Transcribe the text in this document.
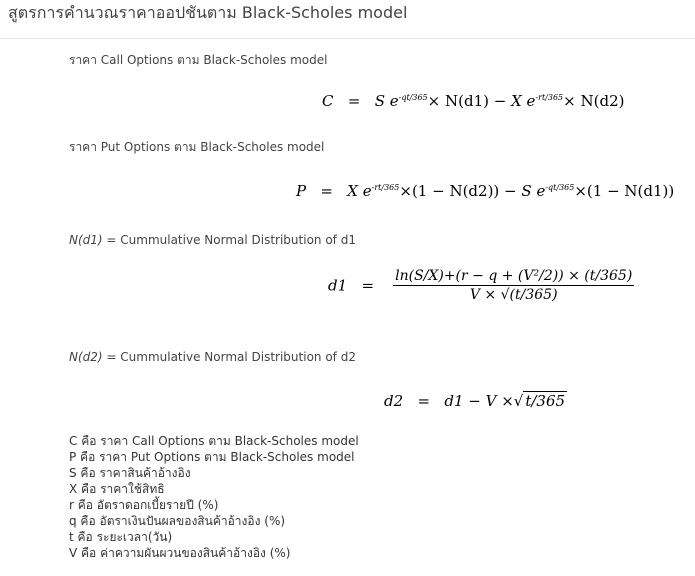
สูตรการคำนวณราคาออปชันตาม Black-Scholes model
ราคา Call Options ตาม Black-Scholes model
C = S $e^{-qt/365}\times N(d1) - X$ $e^{-rt/365}\times N(d2)$
ราคา Put Options ตาม Black-Scholes model
P = X $e^{-rt/365}\times(1 - N(d2)) - S$ $e^{-qt/365}\times(1 - N(d1))$
N(d1) = Cummulative Normal Distribution of d1
$d1 = \frac{\text{ln(S/X)+(r − q + (V²/2)) × (t/365)}}{V \times √(t/365)}$
N(d2) = Cummulative Normal Distribution of d2
d2 = d1 − V ×√ t/365
C คือ ราคา Call Options ตาม Black-Scholes model
P คือ ราคา Put Options ตาม Black-Scholes model
S คือ ราคาสินค้าอ้างอิง
X คือ ราคาใช้สิทธิ
r คือ อัตราดอกเบี้ยรายปี (%)
q คือ อัตราเงินปันผลของสินค้าอ้างอิง (%)
t คือ ระยะเวลา(วัน)
V คือ ค่าความผันผวนของสินค้าอ้างอิง (%)
